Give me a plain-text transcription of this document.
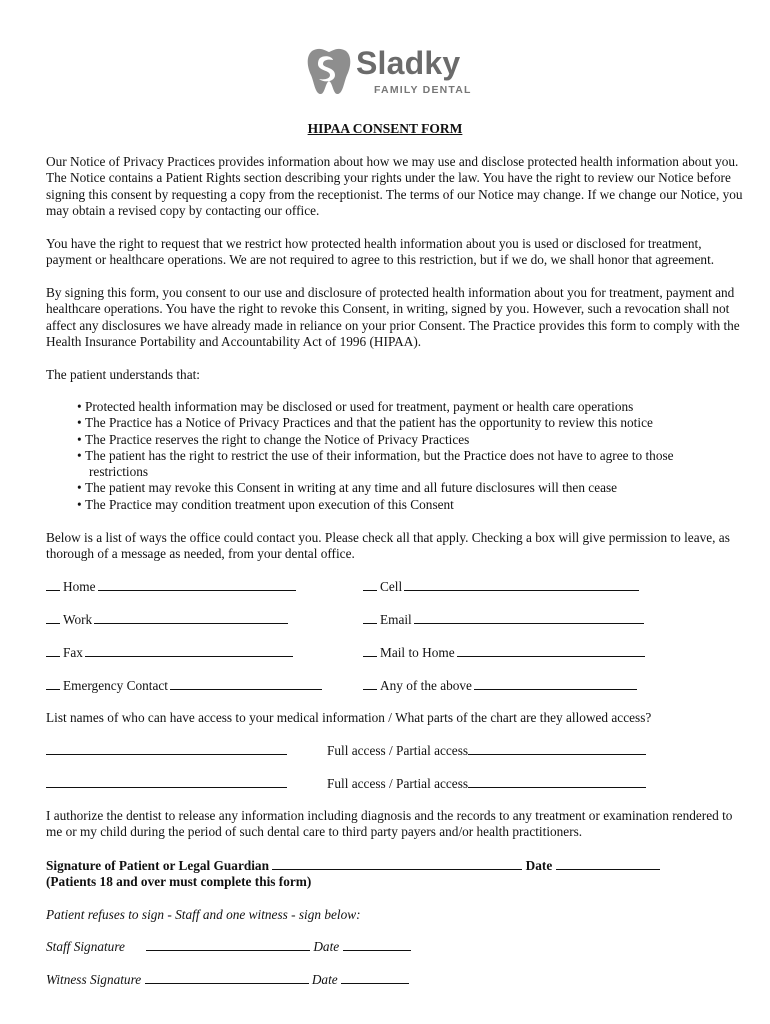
Sladky
FAMILY DENTAL
HIPAA CONSENT FORM
Our Notice of Privacy Practices provides information about how we may use and disclose protected health information about you. The Notice contains a Patient Rights section describing your rights under the law. You have the right to review our Notice before signing this consent by requesting a copy from the receptionist. The terms of our Notice may change. If we change our Notice, you may obtain a revised copy by contacting our office.
You have the right to request that we restrict how protected health information about you is used or disclosed for treatment, payment or healthcare operations. We are not required to agree to this restriction, but if we do, we shall honor that agreement.
By signing this form, you consent to our use and disclosure of protected health information about you for treatment, payment and healthcare operations. You have the right to revoke this Consent, in writing, signed by you. However, such a revocation shall not affect any disclosures we have already made in reliance on your prior Consent. The Practice provides this form to comply with the Health Insurance Portability and Accountability Act of 1996 (HIPAA).
The patient understands that:
• Protected health information may be disclosed or used for treatment, payment or health care operations
• The Practice has a Notice of Privacy Practices and that the patient has the opportunity to review this notice
• The Practice reserves the right to change the Notice of Privacy Practices
• The patient has the right to restrict the use of their information, but the Practice does not have to agree to those restrictions
• The patient may revoke this Consent in writing at any time and all future disclosures will then cease
• The Practice may condition treatment upon execution of this Consent
Below is a list of ways the office could contact you. Please check all that apply. Checking a box will give permission to leave, as thorough of a message as needed, from your dental office.
Home	Cell
Work	Email
Fax	Mail to Home
Emergency Contact	Any of the above
List names of who can have access to your medical information / What parts of the chart are they allowed access?
Full access / Partial access
Full access / Partial access
I authorize the dentist to release any information including diagnosis and the records to any treatment or examination rendered to me or my child during the period of such dental care to third party payers and/or health practitioners.
Signature of Patient or Legal Guardian	Date
(Patients 18 and over must complete this form)
Patient refuses to sign - Staff and one witness - sign below:
Staff Signature	Date
Witness Signature	Date
